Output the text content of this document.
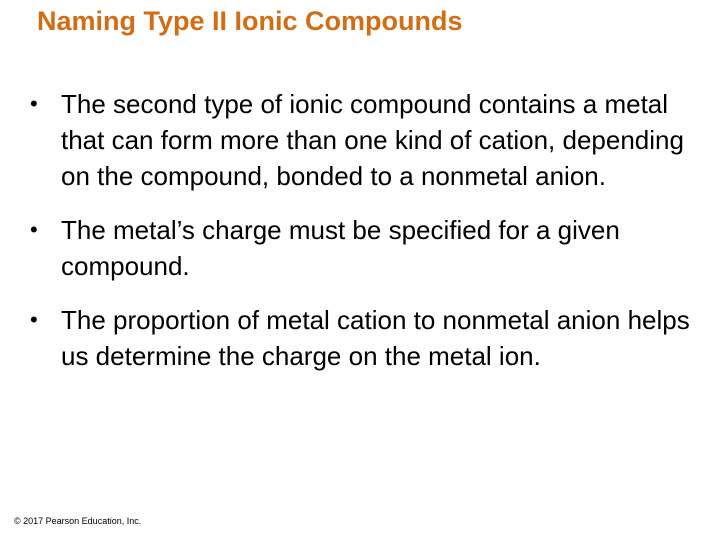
Naming Type II Ionic Compounds
• The second type of ionic compound contains a metal that can form more than one kind of cation, depending on the compound, bonded to a nonmetal anion.
• The metal’s charge must be specified for a given compound.
• The proportion of metal cation to nonmetal anion helps us determine the charge on the metal ion.
© 2017 Pearson Education, Inc.
